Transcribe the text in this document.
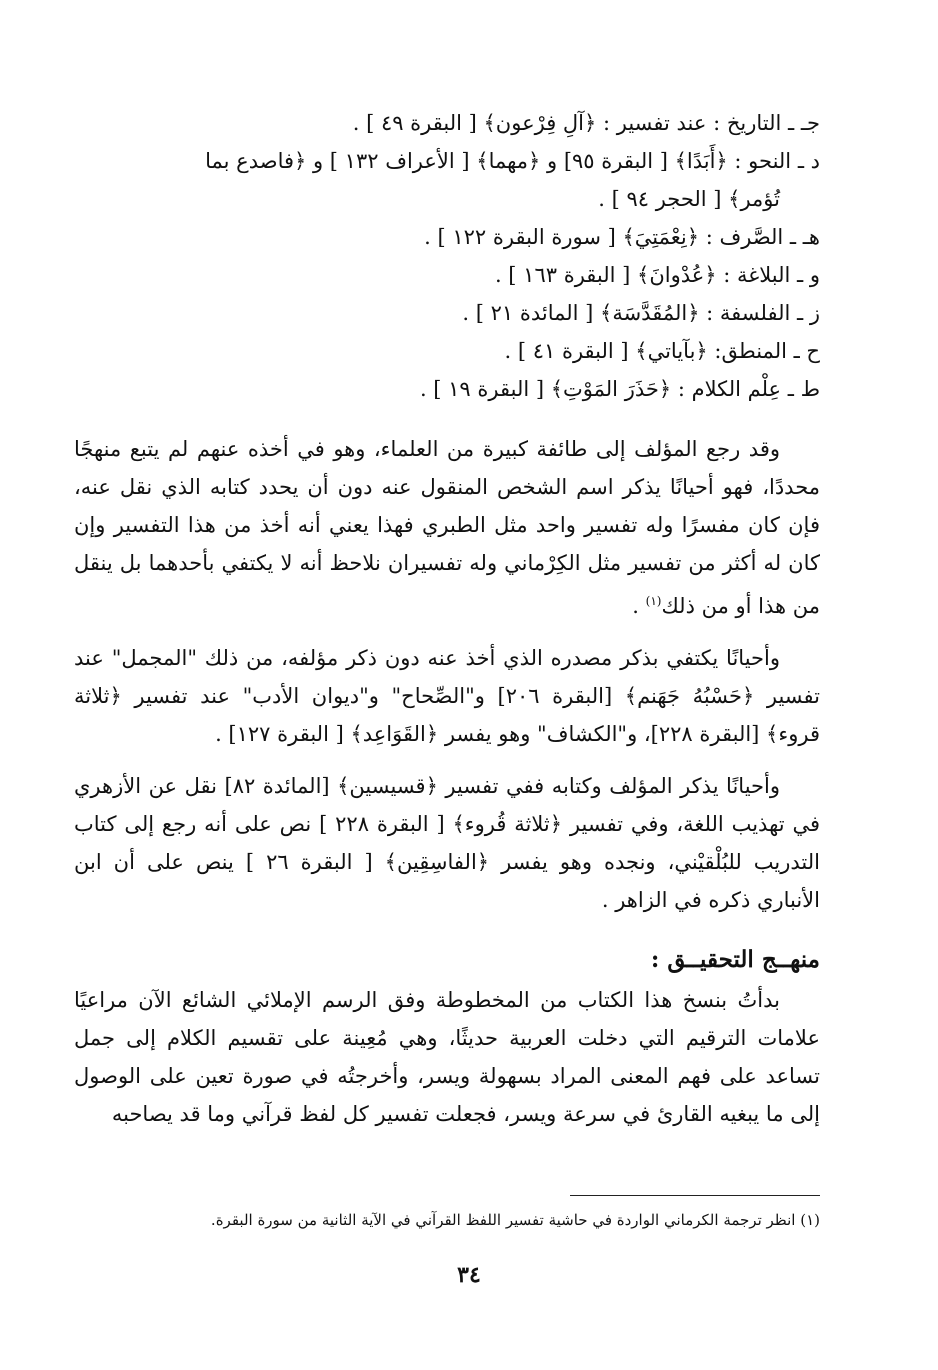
جـ ـ التاريخ : عند تفسير : ﴿آلِ فِرْعون﴾ [ البقرة ٤٩ ] .
د ـ النحو : ﴿أَبَدًا﴾ [ البقرة ٩٥] و ﴿مهما﴾ [ الأعراف ١٣٢ ] و ﴿فاصدع بما
تُؤمر﴾ [ الحجر ٩٤ ] .
هـ ـ الصَّرف : ﴿نِعْمَتِيَ﴾ [ سورة البقرة ١٢٢ ] .
و ـ البلاغة : ﴿عُدْوانَ﴾ [ البقرة ١٦٣ ] .
ز ـ الفلسفة : ﴿المُقَدَّسَة﴾ [ المائدة ٢١ ] .
ح ـ المنطق: ﴿بآياتي﴾ [ البقرة ٤١ ] .
ط ـ عِلْم الكلام : ﴿حَذَرَ المَوْتِ﴾ [ البقرة ١٩ ] .

وقد رجع المؤلف إلى طائفة كبيرة من العلماء، وهو في أخذه عنهم لم يتبع منهجًا محددًا، فهو أحيانًا يذكر اسم الشخص المنقول عنه دون أن يحدد كتابه الذي نقل عنه، فإن كان مفسرًا وله تفسير واحد مثل الطبري فهذا يعني أنه أخذ من هذا التفسير وإن كان له أكثر من تفسير مثل الكِرْماني وله تفسيران نلاحظ أنه لا يكتفي بأحدهما بل ينقل من هذا أو من ذلك$^{(١)}$ .

وأحيانًا يكتفي بذكر مصدره الذي أخذ عنه دون ذكر مؤلفه، من ذلك "المجمل" عند تفسير ﴿حَسْبُهُ جَهَنم﴾ [البقرة ٢٠٦] و"الصِّحاح" و"ديوان الأدب" عند تفسير ﴿ثلاثة قروء﴾ [البقرة ٢٢٨]، و"الكشاف" وهو يفسر ﴿القَوَاعِد﴾ [ البقرة ١٢٧] .

وأحيانًا يذكر المؤلف وكتابه ففي تفسير ﴿قسيسين﴾ [المائدة ٨٢] نقل عن الأزهري في تهذيب اللغة، وفي تفسير ﴿ثلاثة قُروء﴾ [ البقرة ٢٢٨ ] نص على أنه رجع إلى كتاب التدريب للبُلْقيْني، ونجده وهو يفسر ﴿الفاسِقِين﴾ [ البقرة ٢٦ ] ينص على أن ابن الأنباري ذكره في الزاهر .

منهــج التحقيــق :

بدأتُ بنسخ هذا الكتاب من المخطوطة وفق الرسم الإملائي الشائع الآن مراعيًا علامات الترقيم التي دخلت العربية حديثًا، وهي مُعِينة على تقسيم الكلام إلى جمل تساعد على فهم المعنى المراد بسهولة ويسر، وأخرجتُه في صورة تعين على الوصول إلى ما يبغيه القارئ في سرعة ويسر، فجعلت تفسير كل لفظ قرآني وما قد يصاحبه

(١) انظر ترجمة الكرماني الواردة في حاشية تفسير اللفظ القرآني في الآية الثانية من سورة البقرة.
٣٤
